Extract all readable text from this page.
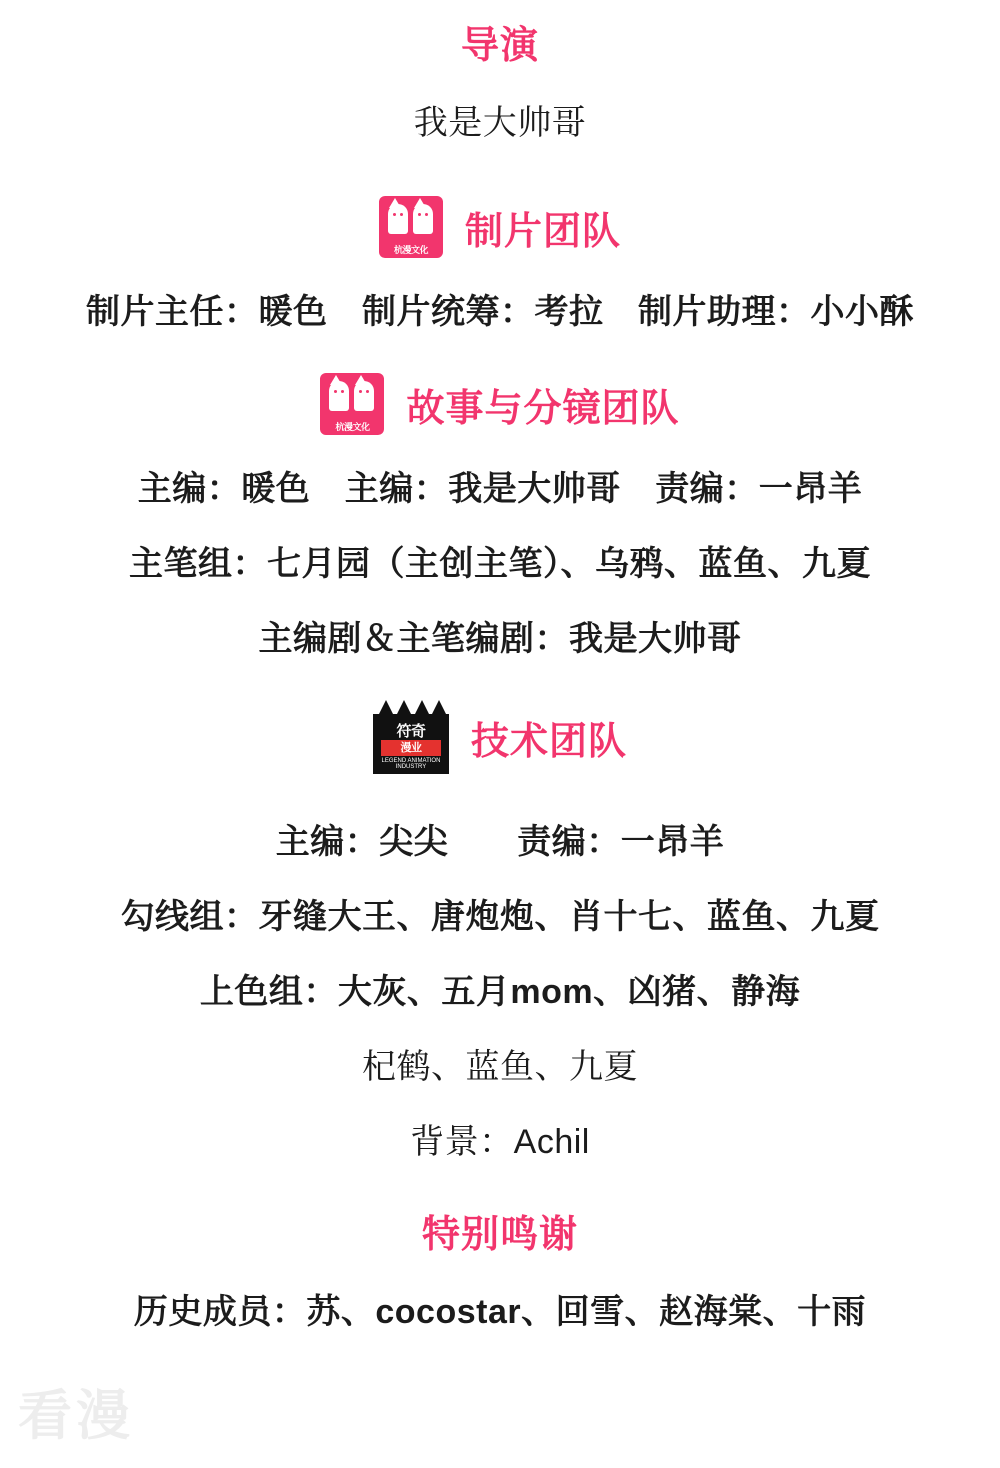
导演
我是大帅哥
杭漫文化 制片团队
制片主任：暖色　制片统筹：考拉　制片助理：小小酥
杭漫文化 故事与分镜团队
主编：暖色　主编：我是大帅哥　责编：一昂羊
主笔组：七月园（主创主笔）、乌鸦、蓝鱼、九夏
主编剧＆主笔编剧：我是大帅哥
符奇
漫业
LEGEND ANIMATION INDUSTRY
技术团队
主编：尖尖　　责编：一昂羊
勾线组：牙缝大王、唐炮炮、肖十七、蓝鱼、九夏
上色组：大灰、五月mom、凶猪、静海
杞鹤、蓝鱼、九夏
背景：Achil
特别鸣谢
历史成员：苏、cocostar、回雪、赵海棠、十雨
看漫
